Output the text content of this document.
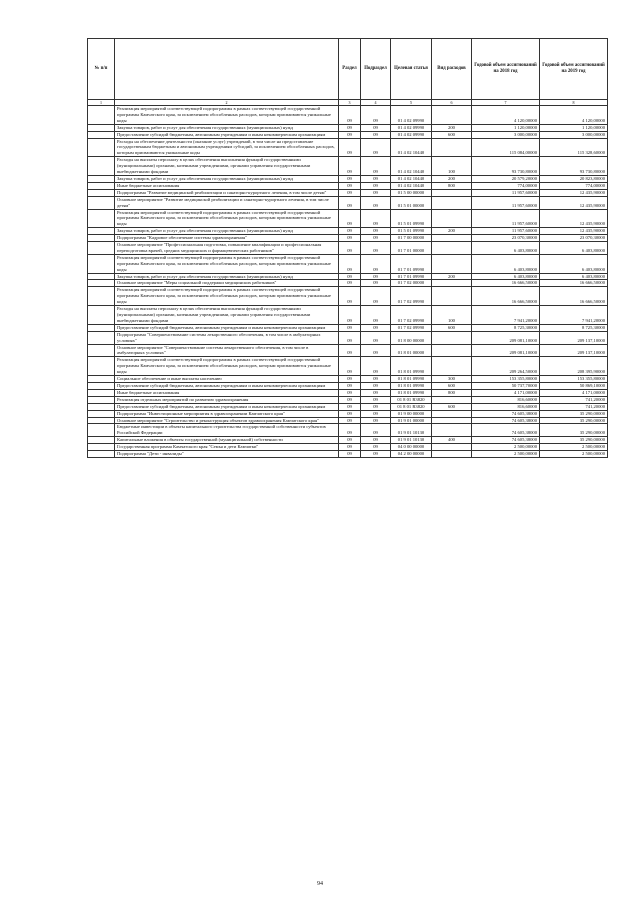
№ п/п		Раздел	Подраздел	Целевая статья	Вид расходов	Годовой объем ассигнований на 2018 год	Годовой объем ассигнований на 2019 год
1	2	3	4	5	6	7	8
	Реализация мероприятий соответствующей подпрограммы в рамках соответствующей государственной программы Камчатского края, за исключением обособленных расходов, которым присваиваются уникальные коды	09	09	01 4 02 09990		4 120,00000	4 120,00000
	Закупка товаров, работ и услуг для обеспечения государственных (муниципальных) нужд	09	09	01 4 02 09990	200	1 120,00000	1 120,00000
	Предоставление субсидий бюджетным, автономным учреждениям и иным некоммерческим организациям	09	09	01 4 02 09990	600	3 000,00000	3 000,00000
	Расходы на обеспечение деятельности (оказание услуг) учреждений, в том числе на предоставление государственным бюджетным и автономным учреждениям субсидий, за исключением обособленных расходов, которым присваиваются уникальные коды	09	09	01 4 02 10440		115 084,00000	115 328,60000
	Расходы на выплаты персоналу в целях обеспечения выполнения функций государственными (муниципальными) органами, казенными учреждениями, органами управления государственными внебюджетными фондами	09	09	01 4 02 10440	100	93 730,80000	93 730,80000
	Закупка товаров, работ и услуг для обеспечения государственных (муниципальных) нужд	09	09	01 4 02 10440	200	20 579,20000	20 823,80000
	Иные бюджетные ассигнования	09	09	01 4 02 10440	800	774,00000	774,00000
	Подпрограмма "Развитие медицинской реабилитации и санаторно-курортного лечения, в том числе детям"	09	09	01 5 00 00000		11 957,60000	12 435,90000
	Основное мероприятие "Развитие медицинской реабилитации и санаторно-курортного лечения, в том числе детям"	09	09	01 5 01 00000		11 957,60000	12 435,90000
	Реализация мероприятий соответствующей подпрограммы в рамках соответствующей государственной программы Камчатского края, за исключением обособленных расходов, которым присваиваются уникальные коды	09	09	01 5 01 09990		11 957,60000	12 435,90000
	Закупка товаров, работ и услуг для обеспечения государственных (муниципальных) нужд	09	09	01 5 01 09990	200	11 957,60000	12 435,90000
	Подпрограмма "Кадровое обеспечение системы здравоохранения"	09	09	01 7 00 00000		23 070,30000	23 070,30000
	Основное мероприятие "Профессиональная подготовка, повышение квалификации и профессиональная переподготовка врачей, средних медицинских и фармацевтических работников"	09	09	01 7 01 00000		6 403,80000	6 403,80000
	Реализация мероприятий соответствующей подпрограммы в рамках соответствующей государственной программы Камчатского края, за исключением обособленных расходов, которым присваиваются уникальные коды	09	09	01 7 01 09990		6 403,80000	6 403,80000
	Закупка товаров, работ и услуг для обеспечения государственных (муниципальных) нужд	09	09	01 7 01 09990	200	6 403,80000	6 403,80000
	Основное мероприятие "Меры социальной поддержки медицинских работников"	09	09	01 7 02 00000		16 666,50000	16 666,50000
	Реализация мероприятий соответствующей подпрограммы в рамках соответствующей государственной программы Камчатского края, за исключением обособленных расходов, которым присваиваются уникальные коды	09	09	01 7 02 09990		16 666,50000	16 666,50000
	Расходы на выплаты персоналу в целях обеспечения выполнения функций государственными (муниципальными) органами, казенными учреждениями, органами управления государственными внебюджетными фондами	09	09	01 7 02 09990	100	7 941,20000	7 941,20000
	Предоставление субсидий бюджетным, автономным учреждениям и иным некоммерческим организациям	09	09	01 7 02 09990	600	8 725,30000	8 725,30000
	Подпрограмма "Совершенствование системы лекарственного обеспечения, в том числе в амбулаторных условиях"	09	09	01 8 00 00000		209 081,10000	209 137,10000
	Основное мероприятие "Совершенствование системы лекарственного обеспечения, в том числе в амбулаторных условиях"	09	09	01 8 01 00000		209 081,10000	209 137,10000
	Реализация мероприятий соответствующей подпрограммы в рамках соответствующей государственной программы Камчатского края, за исключением обособленных расходов, которым присваиваются уникальные коды	09	09	01 8 01 09990		209 264,50000	208 395,90000
	Социальное обеспечение и иные выплаты населению	09	09	01 8 01 09990	300	153 355,80000	153 355,80000
	Предоставление субсидий бюджетным, автономным учреждениям и иным некоммерческим организациям	09	09	01 8 01 09990	600	50 737,70000	50 869,10000
	Иные бюджетные ассигнования	09	09	01 8 01 09990	800	4 171,00000	4 171,00000
	Реализация отдельных мероприятий по развитию здравоохранения	09	09	01 8 01 R3820		816,60000	741,20000
	Предоставление субсидий бюджетным, автономным учреждениям и иным некоммерческим организациям	09	09	01 8 01 R3820	600	816,60000	741,20000
	Подпрограмма "Инвестиционные мероприятия в здравоохранении Камчатского края"	09	09	01 9 00 00000		74 605,38000	35 290,00000
	Основное мероприятие "Строительство и реконструкция объектов здравоохранения Камчатского края"	09	09	01 9 01 00000		74 605,38000	35 290,00000
	Бюджетные инвестиции в объекты капитального строительства государственной собственности субъектов Российской Федерации	09	09	01 9 01 10130		74 605,38000	35 290,00000
	Капитальные вложения в объекты государственной (муниципальной) собственности	09	09	01 9 01 10130	400	74 605,38000	35 290,00000
	Государственная программа Камчатского края "Семья и дети Камчатки"	09	09	04 0 00 00000		2 500,00000	2 500,00000
	Подпрограмма "Дети - инвалиды"	09	09	04 2 00 00000		2 500,00000	2 500,00000
94
